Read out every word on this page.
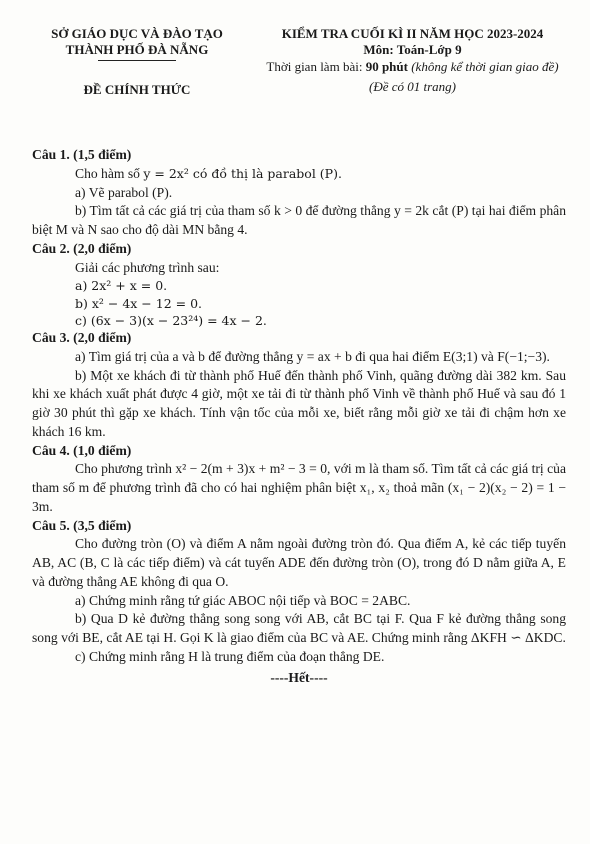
SỞ GIÁO DỤC VÀ ĐÀO TẠO
THÀNH PHỐ ĐÀ NẴNG
ĐỀ CHÍNH THỨC
KIỂM TRA CUỐI KÌ II NĂM HỌC 2023-2024
Môn: Toán-Lớp 9
Thời gian làm bài: 90 phút (không kể thời gian giao đề)
(Đề có 01 trang)

Câu 1. (1,5 điểm)

Cho hàm số y = 2x² có đồ thị là parabol (P).

a) Vẽ parabol (P).

b) Tìm tất cả các giá trị của tham số k > 0 để đường thẳng y = 2k cắt (P) tại hai điểm phân biệt M và N sao cho độ dài MN bằng 4.

Câu 2. (2,0 điểm)

Giải các phương trình sau:

a) 2x² + x = 0.

b) x² − 4x − 12 = 0.

c) (6x − 3)(x − 23²⁴) = 4x − 2.

Câu 3. (2,0 điểm)

a) Tìm giá trị của a và b để đường thẳng y = ax + b đi qua hai điểm E(3;1) và F(−1;−3).

b) Một xe khách đi từ thành phố Huế đến thành phố Vinh, quãng đường dài 382 km. Sau khi xe khách xuất phát được 4 giờ, một xe tải đi từ thành phố Vinh về thành phố Huế và sau đó 1 giờ 30 phút thì gặp xe khách. Tính vận tốc của mỗi xe, biết rằng mỗi giờ xe tải đi chậm hơn xe khách 16 km.

Câu 4. (1,0 điểm)

Cho phương trình x² − 2(m + 3)x + m² − 3 = 0, với m là tham số. Tìm tất cả các giá trị của tham số m để phương trình đã cho có hai nghiệm phân biệt x₁, x₂ thoả mãn (x₁ − 2)(x₂ − 2) = 1 − 3m.

Câu 5. (3,5 điểm)

Cho đường tròn (O) và điểm A nằm ngoài đường tròn đó. Qua điểm A, kẻ các tiếp tuyến AB, AC (B, C là các tiếp điểm) và cát tuyến ADE đến đường tròn (O), trong đó D nằm giữa A, E và đường thẳng AE không đi qua O.

a) Chứng minh rằng tứ giác ABOC nội tiếp và BOC = 2ABC.

b) Qua D kẻ đường thẳng song song với AB, cắt BC tại F. Qua F kẻ đường thẳng song song với BE, cắt AE tại H. Gọi K là giao điểm của BC và AE. Chứng minh rằng ΔKFH ∽ ΔKDC.

c) Chứng minh rằng H là trung điểm của đoạn thẳng DE.

----Hết----
